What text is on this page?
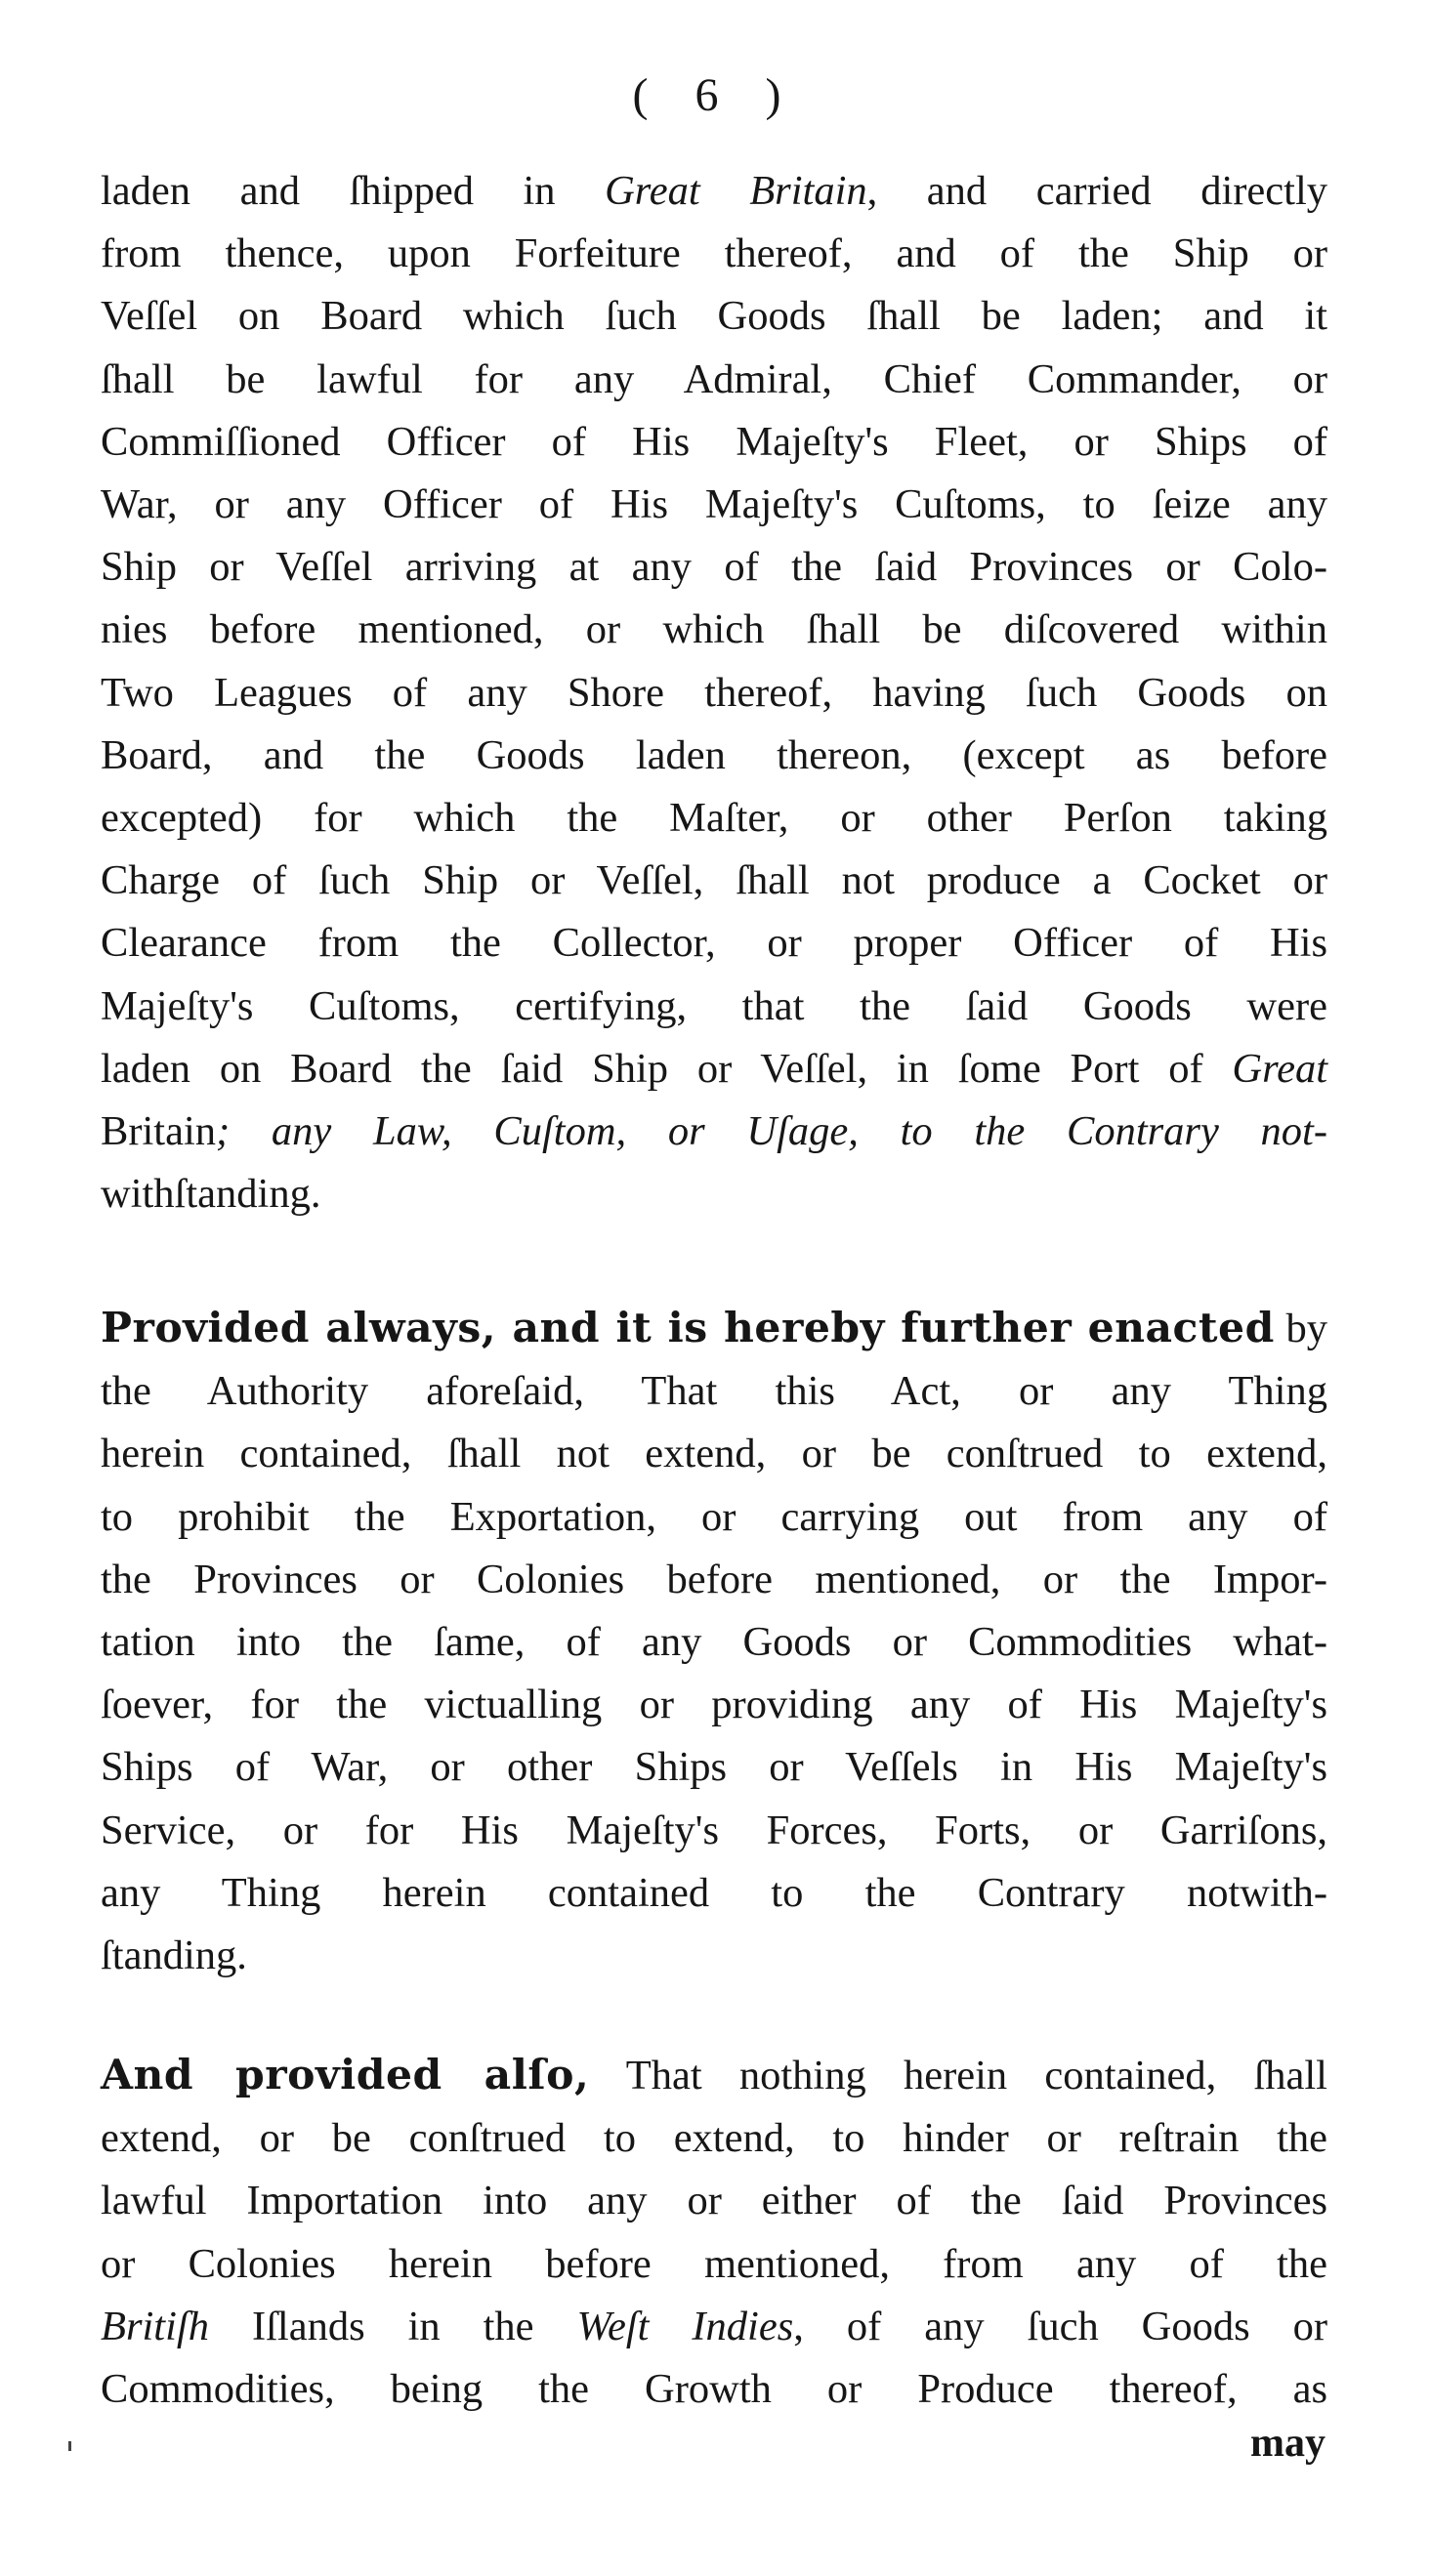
( 6 )
laden and ſhipped in Great Britain, and carried directly
from thence, upon Forfeiture thereof, and of the Ship or
Veſſel on Board which ſuch Goods ſhall be laden; and it
ſhall be lawful for any Admiral, Chief Commander, or
Commiſſioned Officer of His Majeſty's Fleet, or Ships of
War, or any Officer of His Majeſty's Cuſtoms, to ſeize any
Ship or Veſſel arriving at any of the ſaid Provinces or Colo-
nies before mentioned, or which ſhall be diſcovered within
Two Leagues of any Shore thereof, having ſuch Goods on
Board, and the Goods laden thereon, (except as before
excepted) for which the Maſter, or other Perſon taking
Charge of ſuch Ship or Veſſel, ſhall not produce a Cocket or
Clearance from the Collector, or proper Officer of His
Majeſty's Cuſtoms, certifying, that the ſaid Goods were
laden on Board the ſaid Ship or Veſſel, in ſome Port of Great
Britain; any Law, Cuſtom, or Uſage, to the Contrary not-
withſtanding.
Provided always, and it is hereby further enacted by
the Authority aforeſaid, That this Act, or any Thing
herein contained, ſhall not extend, or be conſtrued to extend,
to prohibit the Exportation, or carrying out from any of
the Provinces or Colonies before mentioned, or the Impor-
tation into the ſame, of any Goods or Commodities what-
ſoever, for the victualling or providing any of His Majeſty's
Ships of War, or other Ships or Veſſels in His Majeſty's
Service, or for His Majeſty's Forces, Forts, or Garriſons,
any Thing herein contained to the Contrary notwith-
ſtanding.
And provided alſo, That nothing herein contained, ſhall
extend, or be conſtrued to extend, to hinder or reſtrain the
lawful Importation into any or either of the ſaid Provinces
or Colonies herein before mentioned, from any of the
Britiſh Iſlands in the Weſt Indies, of any ſuch Goods or
Commodities, being the Growth or Produce thereof, as
may
